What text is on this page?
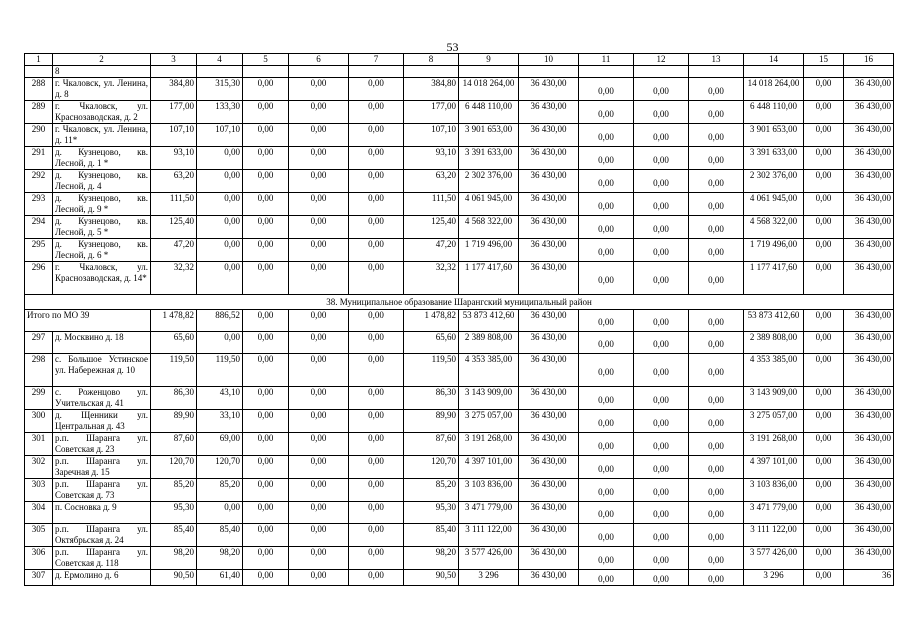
53
1	2	3	4	5	6	7	8	9	10	11	12	13	14	15	16
	8														
288	г. Чкаловск, ул. Ленина, д. 8	384,80	315,30	0,00	0,00	0,00	384,80	14 018 264,00	36 430,00	0,00	0,00	0,00	14 018 264,00	0,00	36 430,00
289	г. Чкаловск, ул. Краснозаводская, д. 2	177,00	133,30	0,00	0,00	0,00	177,00	6 448 110,00	36 430,00	0,00	0,00	0,00	6 448 110,00	0,00	36 430,00
290	г. Чкаловск, ул. Ленина, д. 11*	107,10	107,10	0,00	0,00	0,00	107,10	3 901 653,00	36 430,00	0,00	0,00	0,00	3 901 653,00	0,00	36 430,00
291	д. Кузнецово, кв. Лесной, д. 1 *	93,10	0,00	0,00	0,00	0,00	93,10	3 391 633,00	36 430,00	0,00	0,00	0,00	3 391 633,00	0,00	36 430,00
292	д. Кузнецово, кв. Лесной, д. 4	63,20	0,00	0,00	0,00	0,00	63,20	2 302 376,00	36 430,00	0,00	0,00	0,00	2 302 376,00	0,00	36 430,00
293	д. Кузнецово, кв. Лесной, д. 9 *	111,50	0,00	0,00	0,00	0,00	111,50	4 061 945,00	36 430,00	0,00	0,00	0,00	4 061 945,00	0,00	36 430,00
294	д. Кузнецово, кв. Лесной, д. 5 *	125,40	0,00	0,00	0,00	0,00	125,40	4 568 322,00	36 430,00	0,00	0,00	0,00	4 568 322,00	0,00	36 430,00
295	д. Кузнецово, кв. Лесной, д. 6 *	47,20	0,00	0,00	0,00	0,00	47,20	1 719 496,00	36 430,00	0,00	0,00	0,00	1 719 496,00	0,00	36 430,00
296	г. Чкаловск, ул. Краснозаводская, д. 14*	32,32	0,00	0,00	0,00	0,00	32,32	1 177 417,60	36 430,00	0,00	0,00	0,00	1 177 417,60	0,00	36 430,00
38. Муниципальное образование Шарангский муниципальный район															
Итого по МО 39		1 478,82	886,52	0,00	0,00	0,00	1 478,82	53 873 412,60	36 430,00	0,00	0,00	0,00	53 873 412,60	0,00	36 430,00
297	д. Москвино д. 18	65,60	0,00	0,00	0,00	0,00	65,60	2 389 808,00	36 430,00	0,00	0,00	0,00	2 389 808,00	0,00	36 430,00
298	с. Большое Устинское ул. Набережная д. 10	119,50	119,50	0,00	0,00	0,00	119,50	4 353 385,00	36 430,00	0,00	0,00	0,00	4 353 385,00	0,00	36 430,00
299	с. Роженцово ул. Учительская д. 41	86,30	43,10	0,00	0,00	0,00	86,30	3 143 909,00	36 430,00	0,00	0,00	0,00	3 143 909,00	0,00	36 430,00
300	д. Щенники ул. Центральная д. 43	89,90	33,10	0,00	0,00	0,00	89,90	3 275 057,00	36 430,00	0,00	0,00	0,00	3 275 057,00	0,00	36 430,00
301	р.п. Шаранга ул. Советская д. 23	87,60	69,00	0,00	0,00	0,00	87,60	3 191 268,00	36 430,00	0,00	0,00	0,00	3 191 268,00	0,00	36 430,00
302	р.п. Шаранга ул. Заречная д. 15	120,70	120,70	0,00	0,00	0,00	120,70	4 397 101,00	36 430,00	0,00	0,00	0,00	4 397 101,00	0,00	36 430,00
303	р.п. Шаранга ул. Советская д. 73	85,20	85,20	0,00	0,00	0,00	85,20	3 103 836,00	36 430,00	0,00	0,00	0,00	3 103 836,00	0,00	36 430,00
304	п. Сосновка д. 9	95,30	0,00	0,00	0,00	0,00	95,30	3 471 779,00	36 430,00	0,00	0,00	0,00	3 471 779,00	0,00	36 430,00
305	р.п. Шаранга ул. Октябрьская д. 24	85,40	85,40	0,00	0,00	0,00	85,40	3 111 122,00	36 430,00	0,00	0,00	0,00	3 111 122,00	0,00	36 430,00
306	р.п. Шаранга ул. Советская д. 118	98,20	98,20	0,00	0,00	0,00	98,20	3 577 426,00	36 430,00	0,00	0,00	0,00	3 577 426,00	0,00	36 430,00
307	д. Ермолино д. 6	90,50	61,40	0,00	0,00	0,00	90,50	3 296	36 430,00	0,00	0,00	0,00	3 296	0,00	36
